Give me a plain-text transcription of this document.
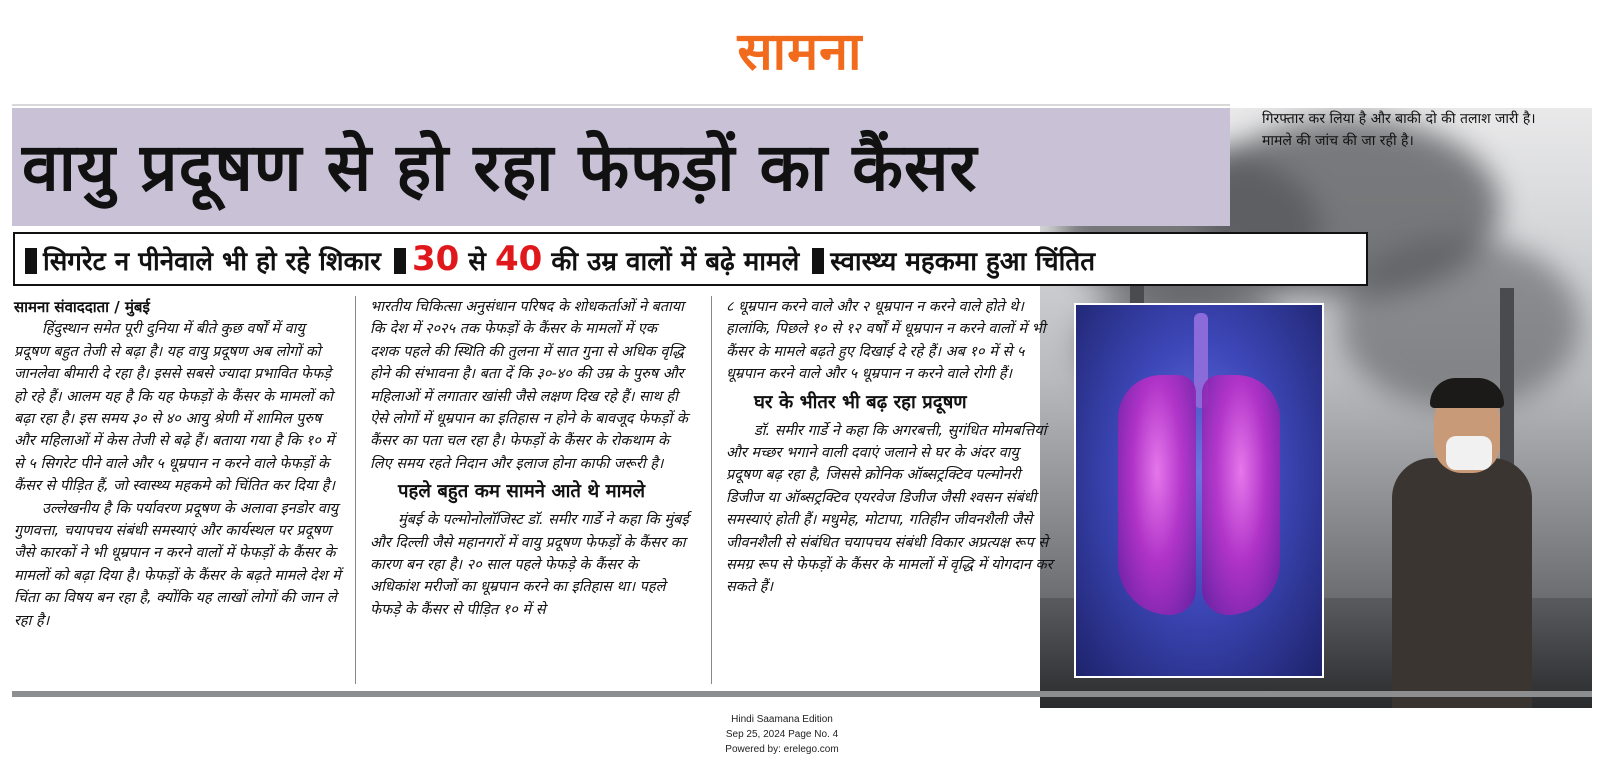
सामना
वायु प्रदूषण से हो रहा फेफड़ों का कैंसर
सिगरेट न पीनेवाले भी हो रहे शिकार 30 से 40 की उम्र वालों में बढ़े मामले स्वास्थ्य महकमा हुआ चिंतित
गिरफ्तार कर लिया है और बाकी दो की तलाश जारी है। मामले की जांच की जा रही है।

सामना संवाददाता / मुंबई

हिंदुस्थान समेत पूरी दुनिया में बीते कुछ वर्षों में वायु प्रदूषण बहुत तेजी से बढ़ा है। यह वायु प्रदूषण अब लोगों को जानलेवा बीमारी दे रहा है। इससे सबसे ज्यादा प्रभावित फेफड़े हो रहे हैं। आलम यह है कि यह फेफड़ों के कैंसर के मामलों को बढ़ा रहा है। इस समय ३० से ४० आयु श्रेणी में शामिल पुरुष और महिलाओं में केस तेजी से बढ़े हैं। बताया गया है कि १० में से ५ सिगरेट पीने वाले और ५ धूम्रपान न करने वाले फेफड़ों के कैंसर से पीड़ित हैं, जो स्वास्थ्य महकमे को चिंतित कर दिया है।

उल्लेखनीय है कि पर्यावरण प्रदूषण के अलावा इनडोर वायु गुणवत्ता, चयापचय संबंधी समस्याएं और कार्यस्थल पर प्रदूषण जैसे कारकों ने भी धूम्रपान न करने वालों में फेफड़ों के कैंसर के मामलों को बढ़ा दिया है। फेफड़ों के कैंसर के बढ़ते मामले देश में चिंता का विषय बन रहा है, क्योंकि यह लाखों लोगों की जान ले रहा है।

भारतीय चिकित्सा अनुसंधान परिषद के शोधकर्ताओं ने बताया कि देश में २०२५ तक फेफड़ों के कैंसर के मामलों में एक दशक पहले की स्थिति की तुलना में सात गुना से अधिक वृद्धि होने की संभावना है। बता दें कि ३०-४० की उम्र के पुरुष और महिलाओं में लगातार खांसी जैसे लक्षण दिख रहे हैं। साथ ही ऐसे लोगों में धूम्रपान का इतिहास न होने के बावजूद फेफड़ों के कैंसर का पता चल रहा है। फेफड़ों के कैंसर के रोकथाम के लिए समय रहते निदान और इलाज होना काफी जरूरी है।

पहले बहुत कम सामने आते थे मामले

मुंबई के पल्मोनोलॉजिस्ट डॉ. समीर गार्डे ने कहा कि मुंबई और दिल्ली जैसे महानगरों में वायु प्रदूषण फेफड़ों के कैंसर का कारण बन रहा है। २० साल पहले फेफड़े के कैंसर के अधिकांश मरीजों का धूम्रपान करने का इतिहास था। पहले फेफड़े के कैंसर से पीड़ित १० में से

८ धूम्रपान करने वाले और २ धूम्रपान न करने वाले होते थे। हालांकि, पिछले १० से १२ वर्षों में धूम्रपान न करने वालों में भी कैंसर के मामले बढ़ते हुए दिखाई दे रहे हैं। अब १० में से ५ धूम्रपान करने वाले और ५ धूम्रपान न करने वाले रोगी हैं।

घर के भीतर भी बढ़ रहा प्रदूषण

डॉ. समीर गार्डे ने कहा कि अगरबत्ती, सुगंधित मोमबत्तियां और मच्छर भगाने वाली दवाएं जलाने से घर के अंदर वायु प्रदूषण बढ़ रहा है, जिससे क्रोनिक ऑब्सट्रक्टिव पल्मोनरी डिजीज या ऑब्सट्रक्टिव एयरवेज डिजीज जैसी श्वसन संबंधी समस्याएं होती हैं। मधुमेह, मोटापा, गतिहीन जीवनशैली जैसे जीवनशैली से संबंधित चयापचय संबंधी विकार अप्रत्यक्ष रूप से समग्र रूप से फेफड़ों के कैंसर के मामलों में वृद्धि में योगदान कर सकते हैं।

Hindi Saamana Edition
Sep 25, 2024 Page No. 4
Powered by: erelego.com
